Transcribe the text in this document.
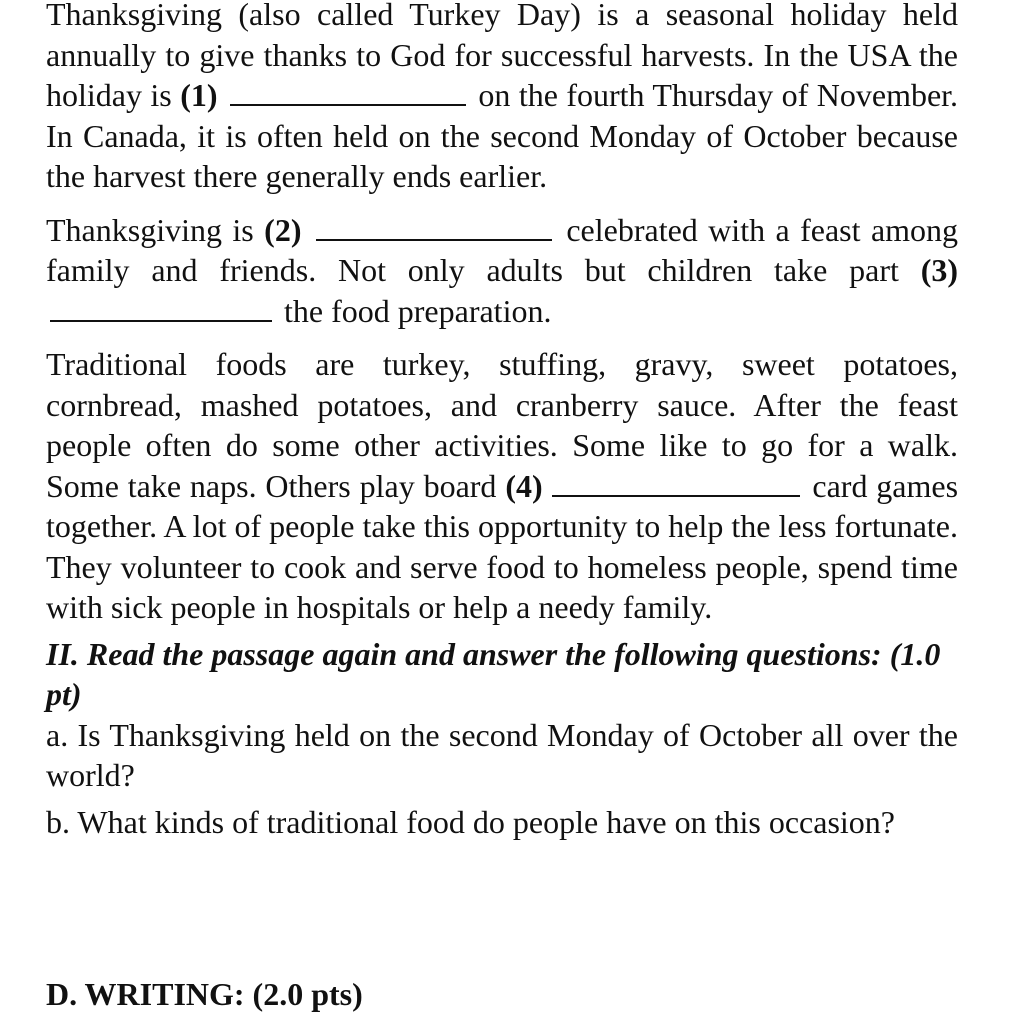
Thanksgiving (also called Turkey Day) is a seasonal holiday held annually to give thanks to God for successful harvests. In the USA the holiday is (1)	on the fourth Thursday of November. In Canada, it is often held on the second Monday of October because the harvest there generally ends earlier.

Thanksgiving is (2)	celebrated with a feast among family and friends. Not only adults but children take part (3)  the food preparation.

Traditional foods are turkey, stuffing, gravy, sweet potatoes, cornbread, mashed potatoes, and cranberry sauce. After the feast people often do some other activities. Some like to go for a walk. Some take naps. Others play board (4)	card games together. A lot of people take this opportunity to help the less fortunate. They volunteer to cook and serve food to homeless people, spend time with sick people in hospitals or help a needy family.

II. Read the passage again and answer the following questions: (1.0 pt)

a. Is Thanksgiving held on the second Monday of October all over the world?

b. What kinds of traditional food do people have on this occasion?

D. WRITING: (2.0 pts)
